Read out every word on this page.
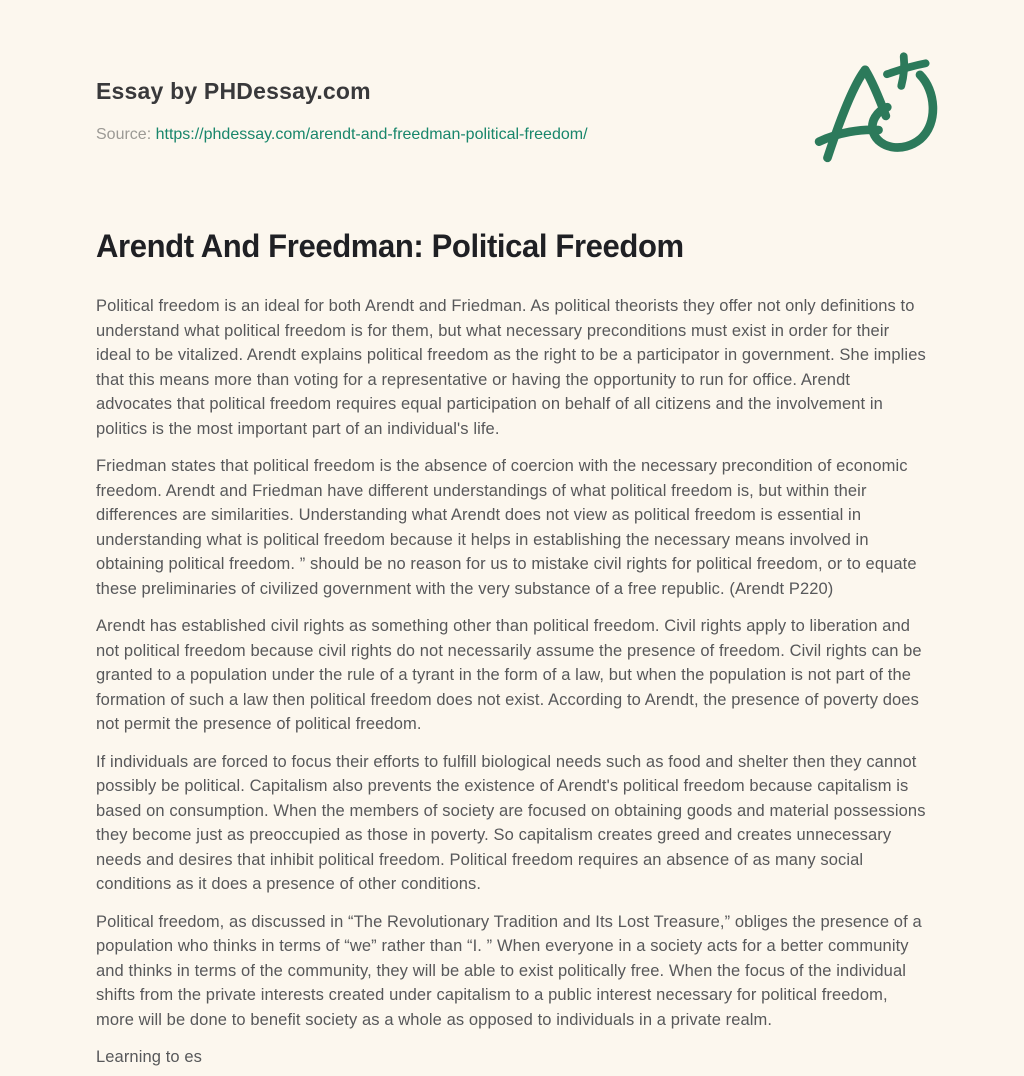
Essay by PHDessay.com

Source: https://phdessay.com/arendt-and-freedman-political-freedom/

Arendt And Freedman: Political Freedom

Political freedom is an ideal for both Arendt and Friedman. As political theorists they offer not only definitions to understand what political freedom is for them, but what necessary preconditions must exist in order for their ideal to be vitalized. Arendt explains political freedom as the right to be a participator in government. She implies that this means more than voting for a representative or having the opportunity to run for office. Arendt advocates that political freedom requires equal participation on behalf of all citizens and the involvement in politics is the most important part of an individual's life.

Friedman states that political freedom is the absence of coercion with the necessary precondition of economic freedom. Arendt and Friedman have different understandings of what political freedom is, but within their differences are similarities. Understanding what Arendt does not view as political freedom is essential in understanding what is political freedom because it helps in establishing the necessary means involved in obtaining political freedom. ” should be no reason for us to mistake civil rights for political freedom, or to equate these preliminaries of civilized government with the very substance of a free republic. (Arendt P220)

Arendt has established civil rights as something other than political freedom. Civil rights apply to liberation and not political freedom because civil rights do not necessarily assume the presence of freedom. Civil rights can be granted to a population under the rule of a tyrant in the form of a law, but when the population is not part of the formation of such a law then political freedom does not exist. According to Arendt, the presence of poverty does not permit the presence of political freedom.

If individuals are forced to focus their efforts to fulfill biological needs such as food and shelter then they cannot possibly be political. Capitalism also prevents the existence of Arendt's political freedom because capitalism is based on consumption. When the members of society are focused on obtaining goods and material possessions they become just as preoccupied as those in poverty. So capitalism creates greed and creates unnecessary needs and desires that inhibit political freedom. Political freedom requires an absence of as many social conditions as it does a presence of other conditions.

Political freedom, as discussed in “The Revolutionary Tradition and Its Lost Treasure,” obliges the presence of a population who thinks in terms of “we” rather than “I. ” When everyone in a society acts for a better community and thinks in terms of the community, they will be able to exist politically free. When the focus of the individual shifts from the private interests created under capitalism to a public interest necessary for political freedom, more will be done to benefit society as a whole as opposed to individuals in a private realm.

Learning to es
